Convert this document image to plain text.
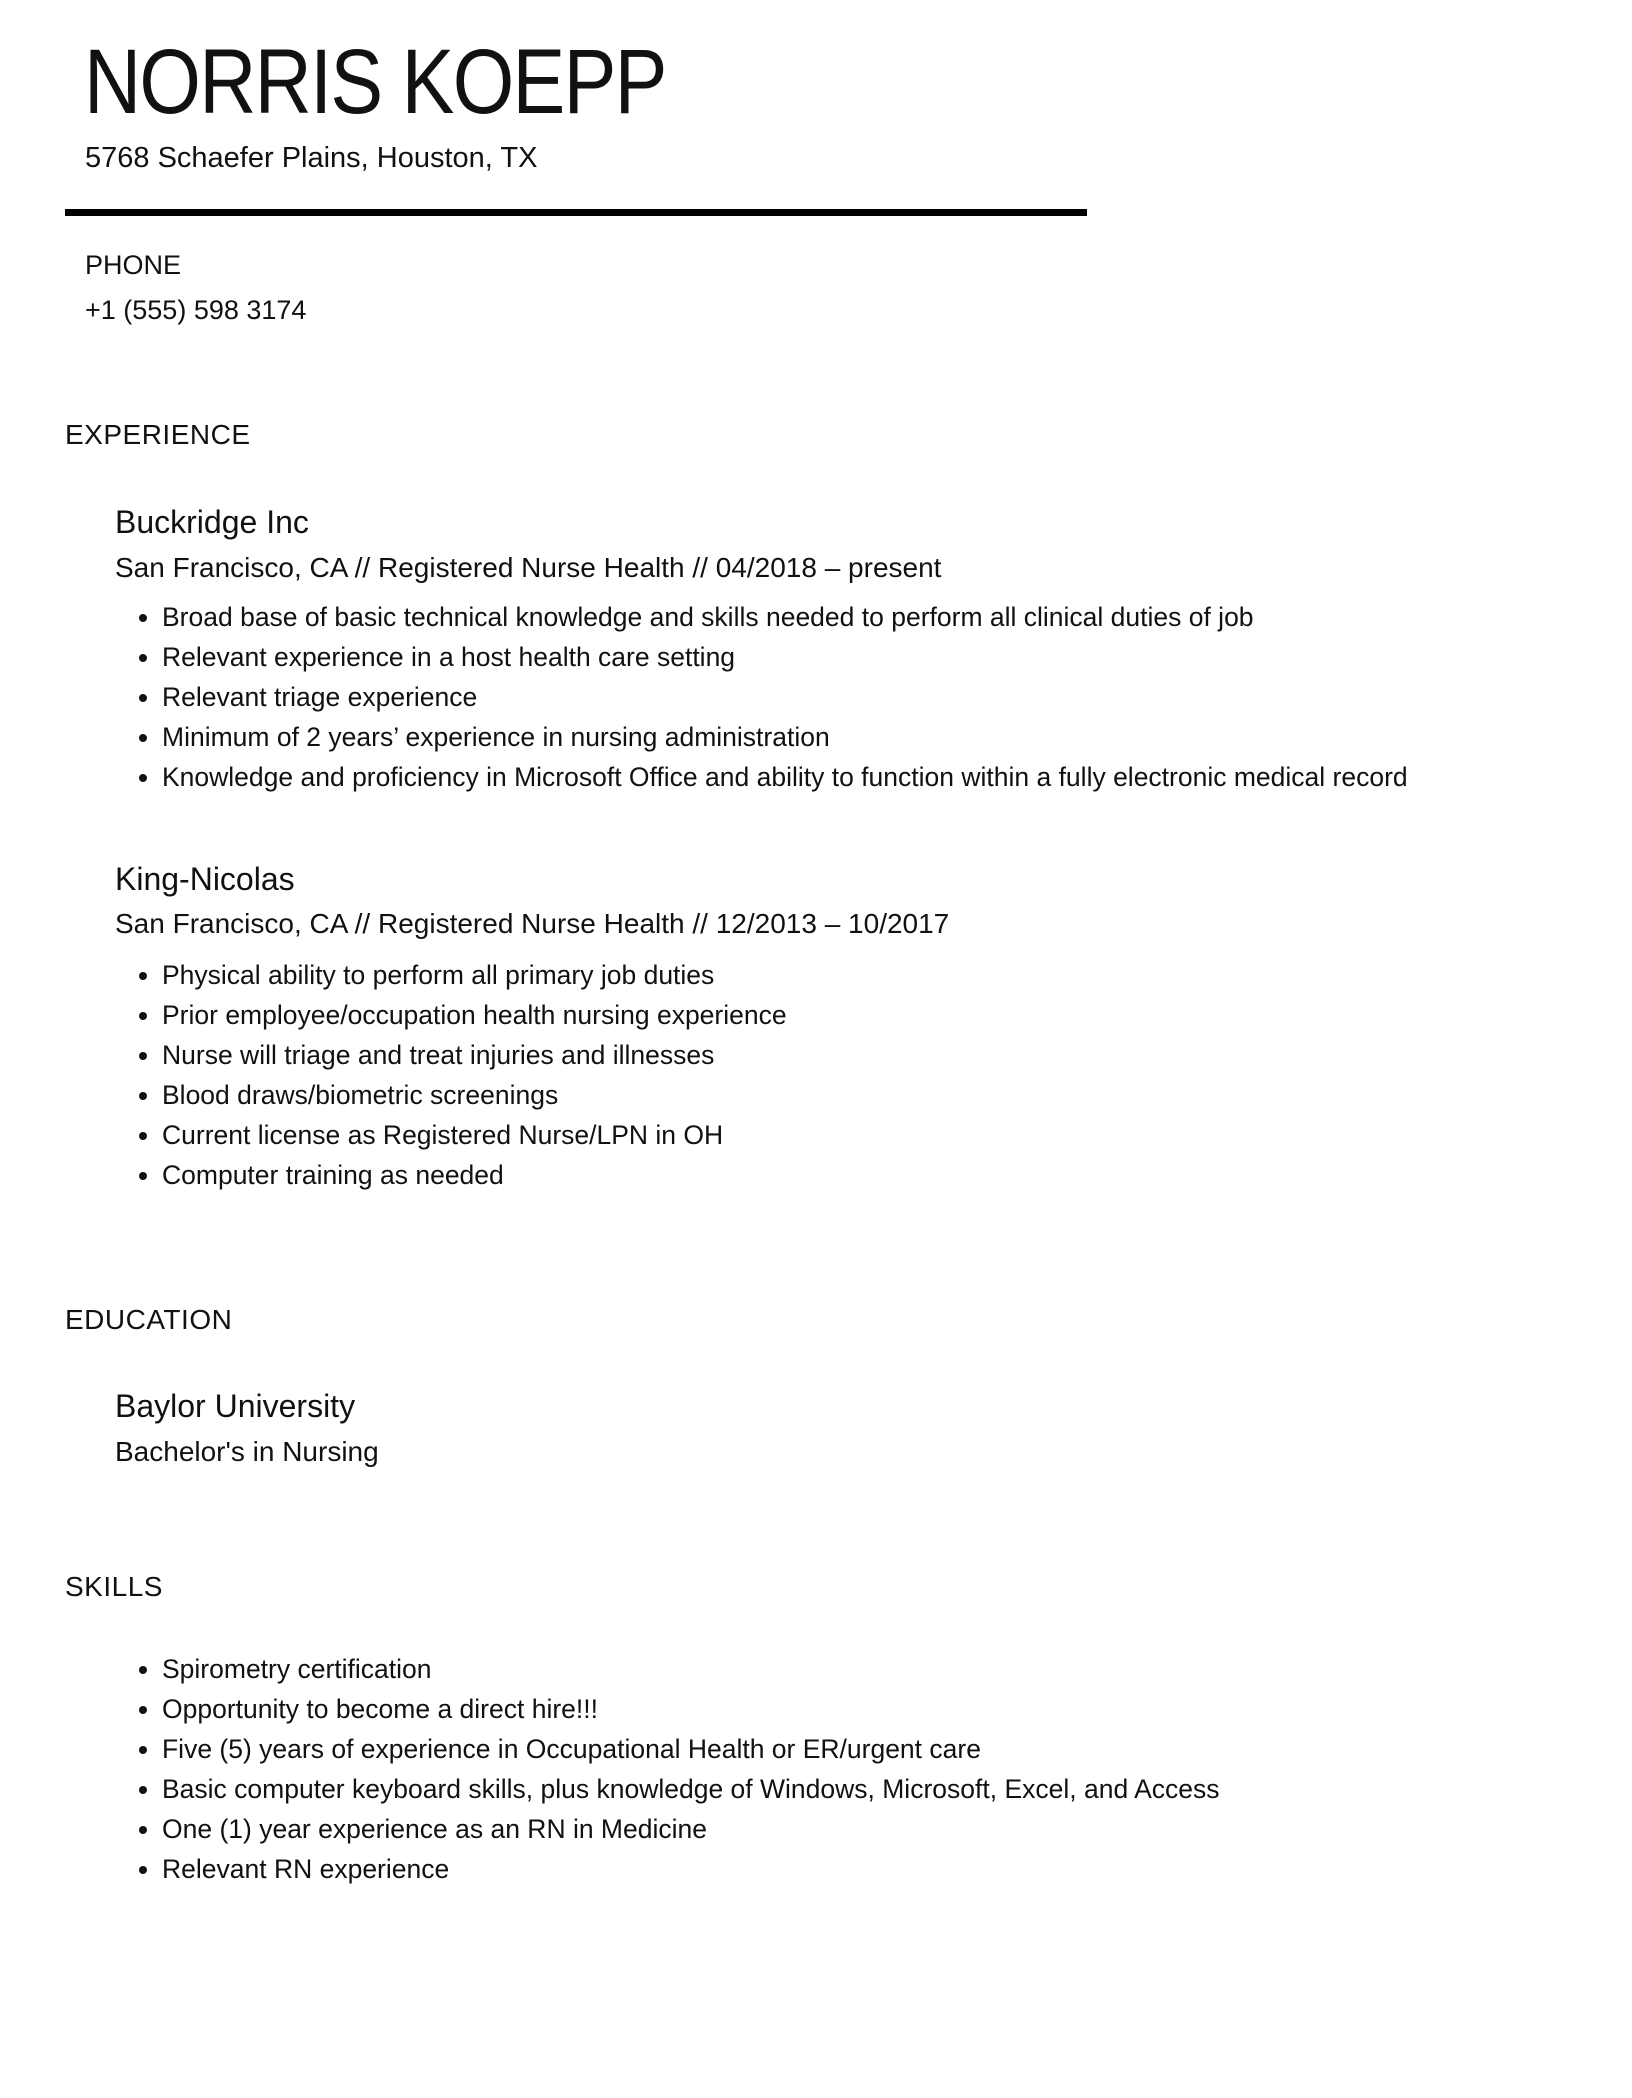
NORRIS KOEPP
5768 Schaefer Plains, Houston, TX
PHONE
+1 (555) 598 3174
EXPERIENCE
Buckridge Inc
San Francisco, CA // Registered Nurse Health // 04/2018 – present
• Broad base of basic technical knowledge and skills needed to perform all clinical duties of job
• Relevant experience in a host health care setting
• Relevant triage experience
• Minimum of 2 years’ experience in nursing administration
• Knowledge and proficiency in Microsoft Office and ability to function within a fully electronic medical record
King-Nicolas
San Francisco, CA // Registered Nurse Health // 12/2013 – 10/2017
• Physical ability to perform all primary job duties
• Prior employee/occupation health nursing experience
• Nurse will triage and treat injuries and illnesses
• Blood draws/biometric screenings
• Current license as Registered Nurse/LPN in OH
• Computer training as needed
EDUCATION
Baylor University
Bachelor's in Nursing
SKILLS
• Spirometry certification
• Opportunity to become a direct hire!!!
• Five (5) years of experience in Occupational Health or ER/urgent care
• Basic computer keyboard skills, plus knowledge of Windows, Microsoft, Excel, and Access
• One (1) year experience as an RN in Medicine
• Relevant RN experience
